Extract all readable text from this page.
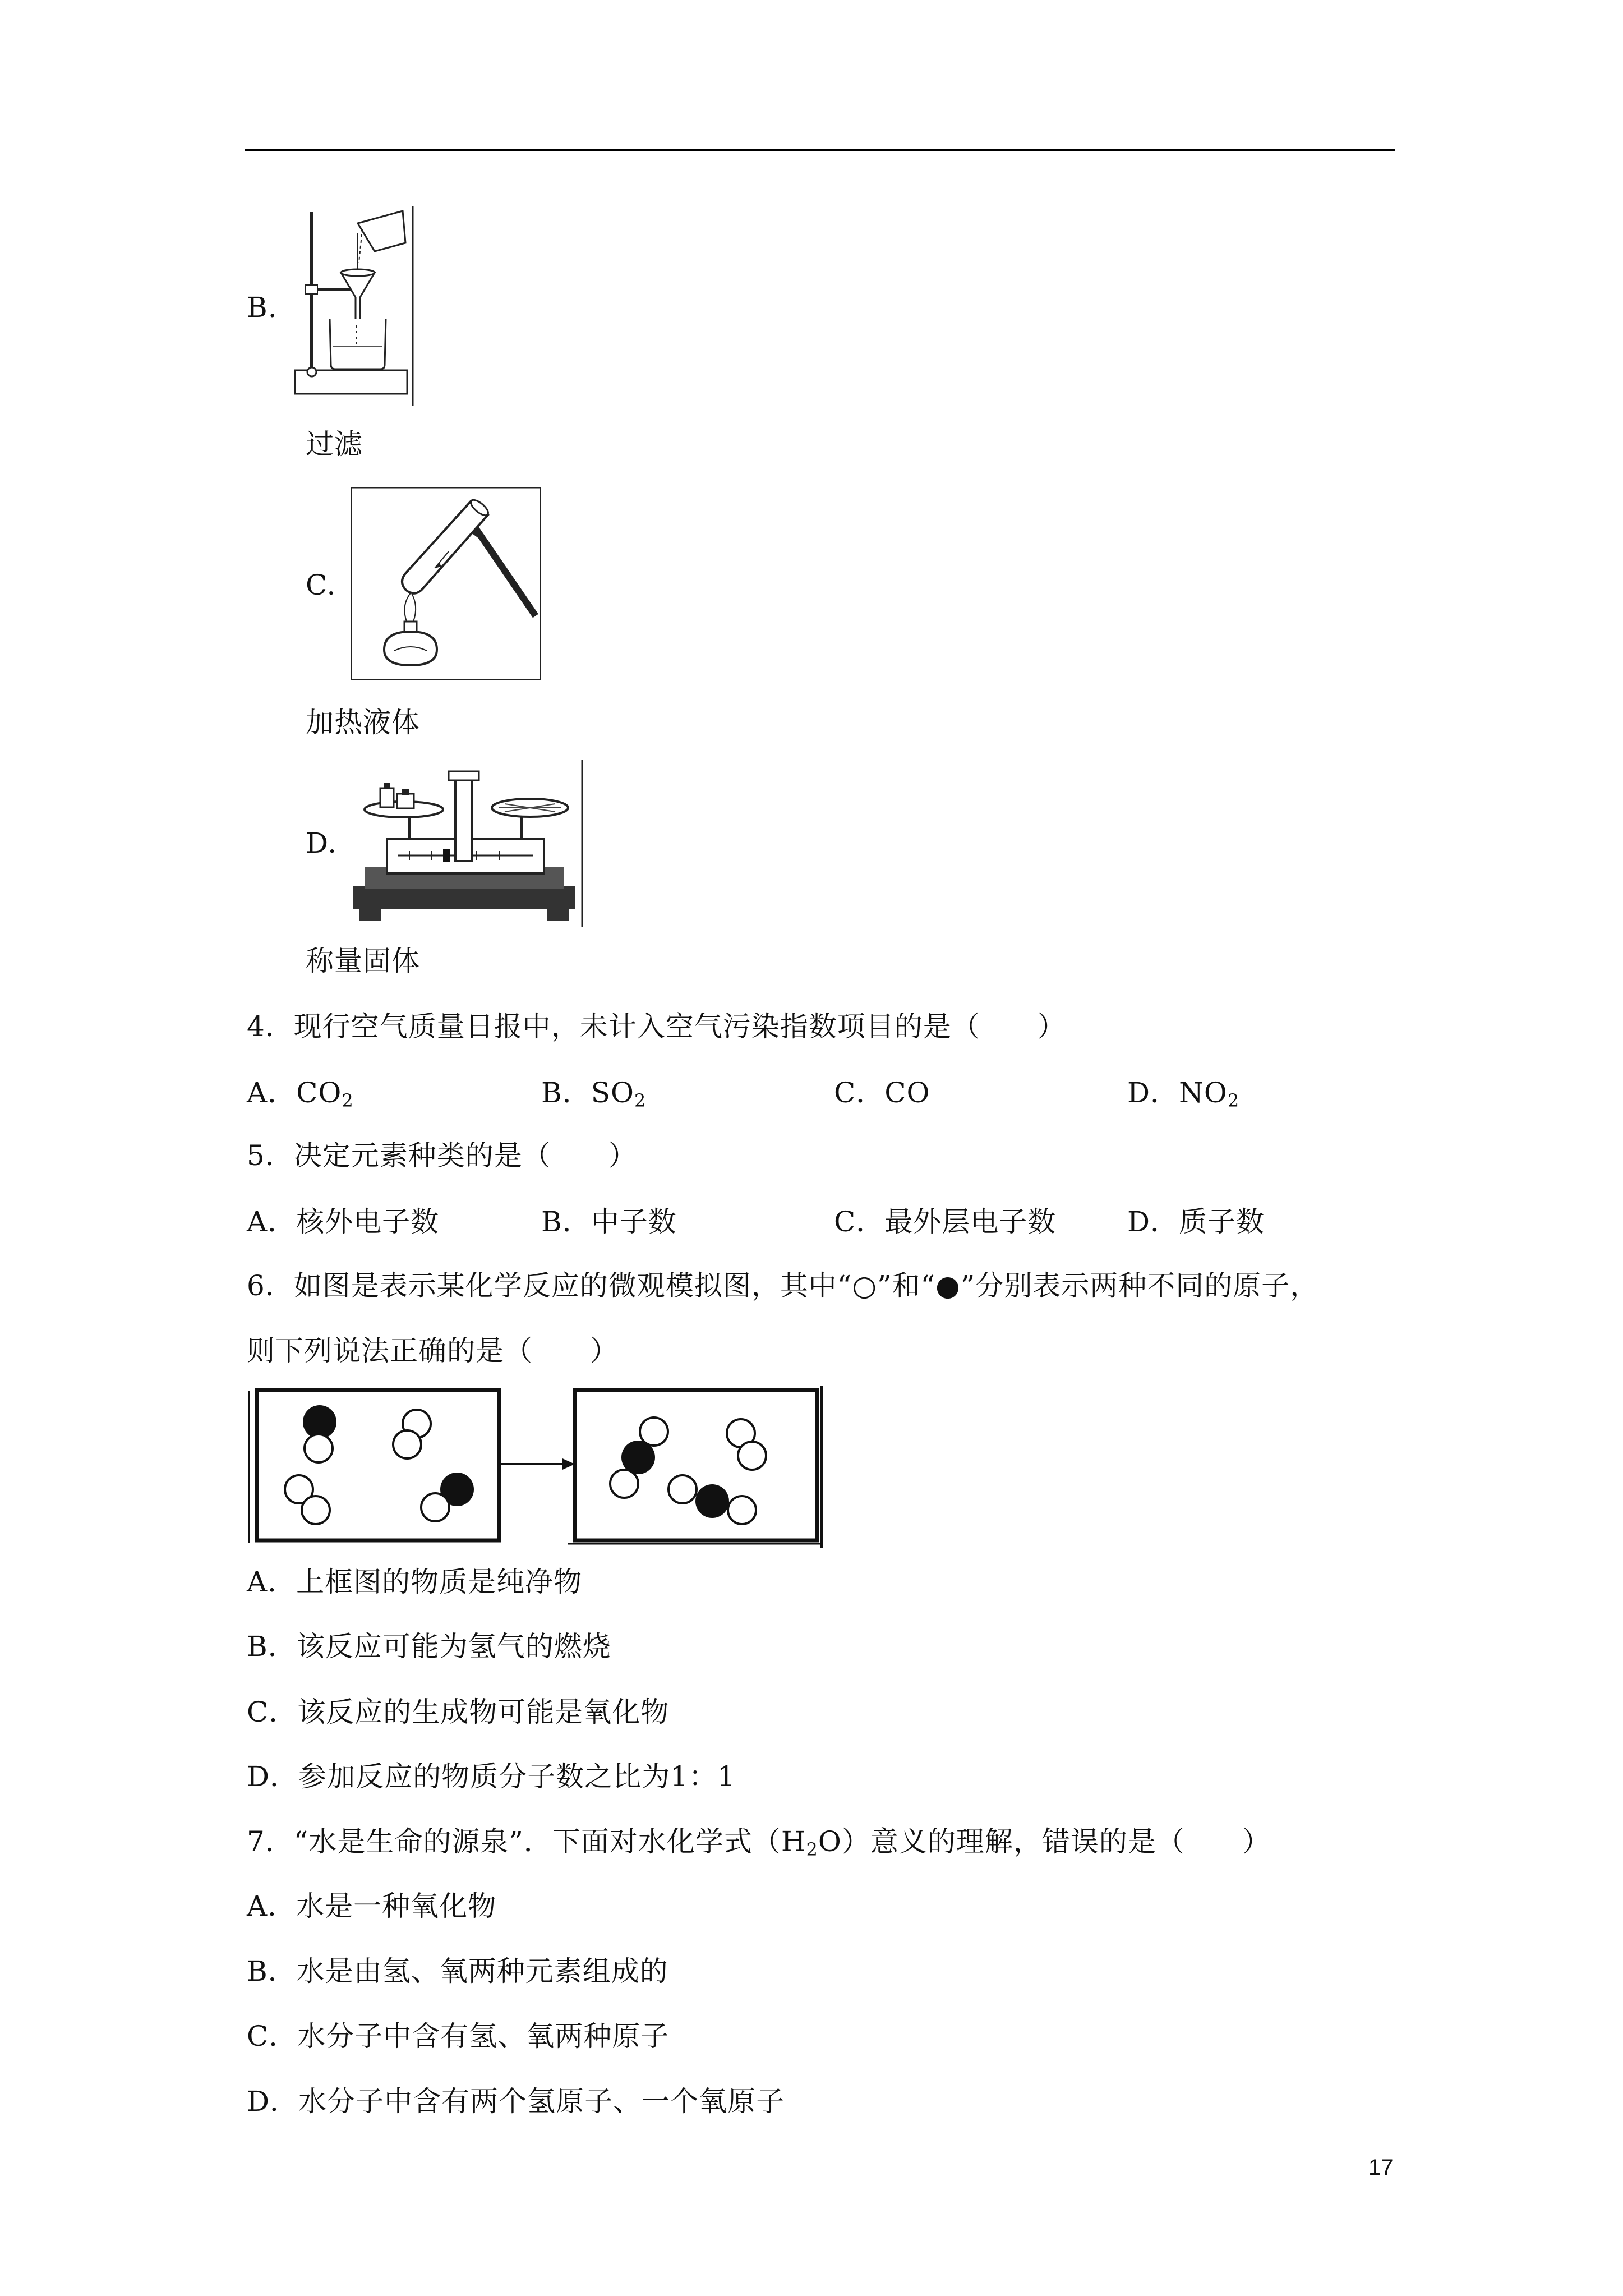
B.
过滤
C.
加热液体
D.
称量固体
4．现行空气质量日报中，未计入空气污染指数项目的是（　　）
A．$CO_2$	B．$SO_2$	C．CO	D．$NO_2$
5．决定元素种类的是（　　）
A．核外电子数	B．中子数	C．最外层电子数	D．质子数
6．如图是表示某化学反应的微观模拟图，其中“○”和“●”分别表示两种不同的原子，
则下列说法正确的是（　　）
A．上框图的物质是纯净物
B．该反应可能为氢气的燃烧
C．该反应的生成物可能是氧化物
D．参加反应的物质分子数之比为1：1
7．“水是生命的源泉”．下面对水化学式$(H_2O)$意义的理解，错误的是（　　）
A．水是一种氧化物
B．水是由氢、氧两种元素组成的
C．水分子中含有氢、氧两种原子
D．水分子中含有两个氢原子、一个氧原子
17
